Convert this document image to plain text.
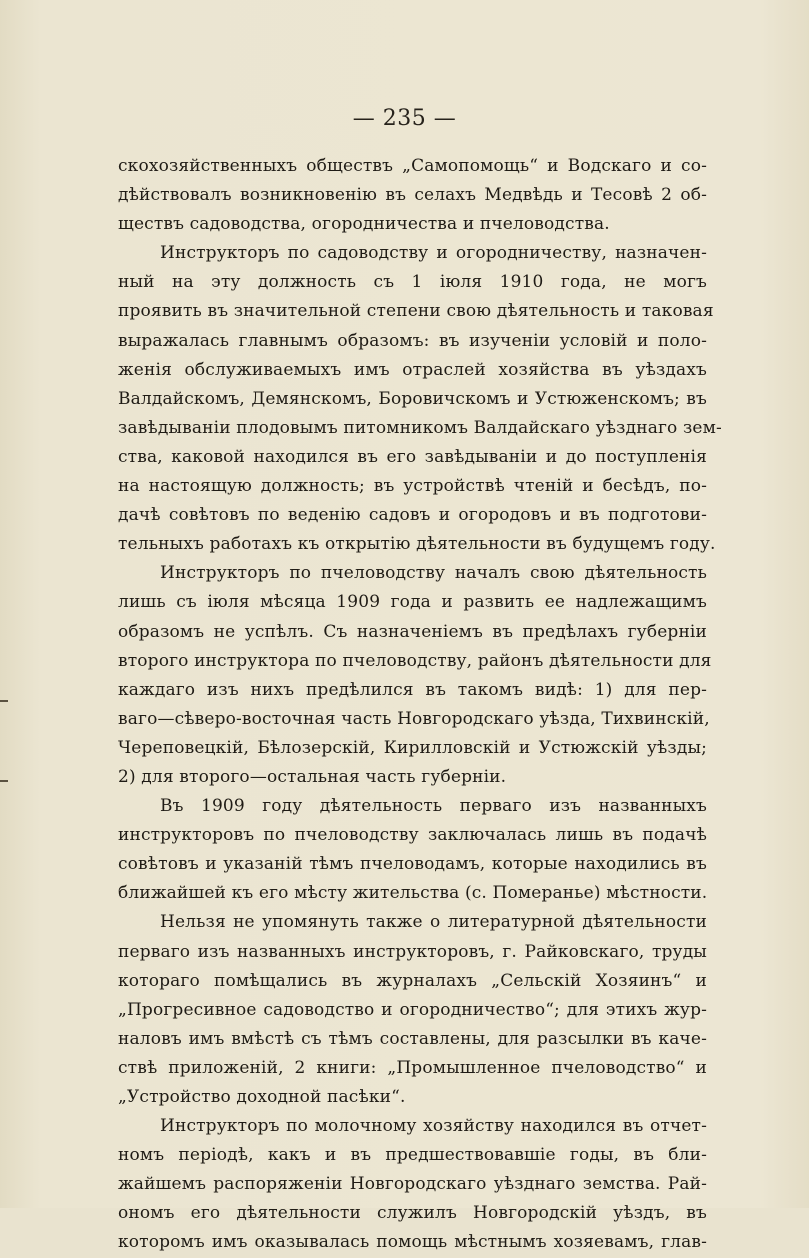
— 235 —
скохозяйственныхъ обществъ „Самопомощь“ и Водскаго и со-
дѣйствовалъ возникновенію въ селахъ Медвѣдь и Тесовѣ 2 об-
ществъ садоводства, огородничества и пчеловодства.
Инструкторъ по садоводству и огородничеству, назначен-
ный на эту должность съ 1 іюля 1910 года, не могъ
проявить въ значительной степени свою дѣятельность и таковая
выражалась главнымъ образомъ: въ изученіи условій и поло-
женія обслуживаемыхъ имъ отраслей хозяйства въ уѣздахъ
Валдайскомъ, Демянскомъ, Боровичскомъ и Устюженскомъ; въ
завѣдываніи плодовымъ питомникомъ Валдайскаго уѣзднаго зем-
ства, каковой находился въ его завѣдываніи и до поступленія
на настоящую должность; въ устройствѣ чтеній и бесѣдъ, по-
дачѣ совѣтовъ по веденію садовъ и огородовъ и въ подготови-
тельныхъ работахъ къ открытію дѣятельности въ будущемъ году.
Инструкторъ по пчеловодству началъ свою дѣятельность
лишь съ іюля мѣсяца 1909 года и развить ее надлежащимъ
образомъ не успѣлъ. Съ назначеніемъ въ предѣлахъ губерніи
второго инструктора по пчеловодству, районъ дѣятельности для
каждаго изъ нихъ предѣлился въ такомъ видѣ: 1) для пер-
ваго—сѣверо-восточная часть Новгородскаго уѣзда, Тихвинскій,
Череповецкій, Бѣлозерскій, Кирилловскій и Устюжскій уѣзды;
2) для второго—остальная часть губерніи.
Въ 1909 году дѣятельность перваго изъ названныхъ
инструкторовъ по пчеловодству заключалась лишь въ подачѣ
совѣтовъ и указаній тѣмъ пчеловодамъ, которые находились въ
ближайшей къ его мѣсту жительства (с. Померанье) мѣстности.
Нельзя не упомянуть также о литературной дѣятельности
перваго изъ названныхъ инструкторовъ, г. Райковскаго, труды
котораго помѣщались въ журналахъ „Сельскій Хозяинъ“ и
„Прогресивное садоводство и огородничество“; для этихъ жур-
наловъ имъ вмѣстѣ съ тѣмъ составлены, для разсылки въ каче-
ствѣ приложеній, 2 книги: „Промышленное пчеловодство“ и
„Устройство доходной пасѣки“.
Инструкторъ по молочному хозяйству находился въ отчет-
номъ періодѣ, какъ и въ предшествовавшіе годы, въ бли-
жайшемъ распоряженіи Новгородскаго уѣзднаго земства. Рай-
ономъ его дѣятельности служилъ Новгородскій уѣздъ, въ
которомъ имъ оказывалась помощь мѣстнымъ хозяевамъ, глав-
